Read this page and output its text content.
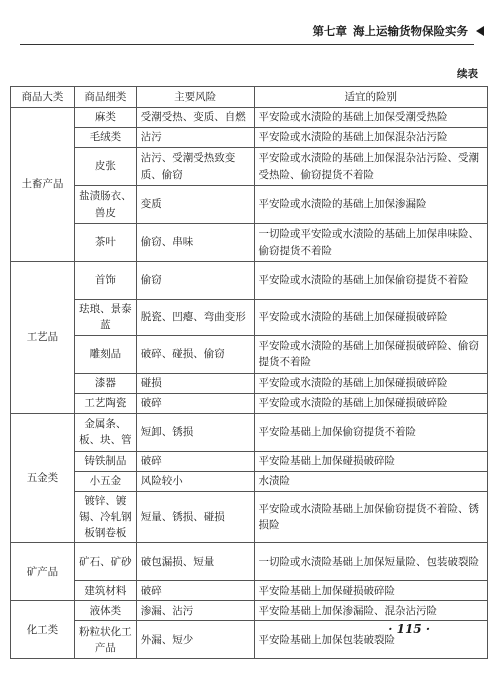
第七章 海上运输货物保险实务
续表
商品大类	商品细类	主要风险	适宜的险别
土畜产品	麻类	受潮受热、变质、自燃	平安险或水渍险的基础上加保受潮受热险
	毛绒类	沾污	平安险或水渍险的基础上加保混杂沾污险
	皮张	沾污、受潮受热致变质、偷窃	平安险或水渍险的基础上加保混杂沾污险、受潮受热险、偷窃提货不着险
	盐渍肠衣、兽皮	变质	平安险或水渍险的基础上加保渗漏险
	茶叶	偷窃、串味	一切险或平安险或水渍险的基础上加保串味险、偷窃提货不着险
工艺品	首饰	偷窃	平安险或水渍险的基础上加保偷窃提货不着险
	珐琅、景泰蓝	脱瓷、凹瘪、弯曲变形	平安险或水渍险的基础上加保碰损破碎险
	雕刻品	破碎、碰损、偷窃	平安险或水渍险的基础上加保碰损破碎险、偷窃提货不着险
	漆器	碰损	平安险或水渍险的基础上加保碰损破碎险
	工艺陶瓷	破碎	平安险或水渍险的基础上加保碰损破碎险
五金类	金属条、板、块、管	短卸、锈损	平安险基础上加保偷窃提货不着险
	铸铁制品	破碎	平安险基础上加保碰损破碎险
	小五金	风险较小	水渍险
	镀锌、镀锡、冷轧钢板钢卷板	短量、锈损、碰损	平安险或水渍险基础上加保偷窃提货不着险、锈损险
矿产品	矿石、矿砂	破包漏损、短量	一切险或水渍险基础上加保短量险、包装破裂险
	建筑材料	破碎	平安险基础上加保碰损破碎险
化工类	液体类	渗漏、沾污	平安险基础上加保渗漏险、混杂沾污险
	粉粒状化工产品	外漏、短少	平安险基础上加保包装破裂险
· 115 ·
